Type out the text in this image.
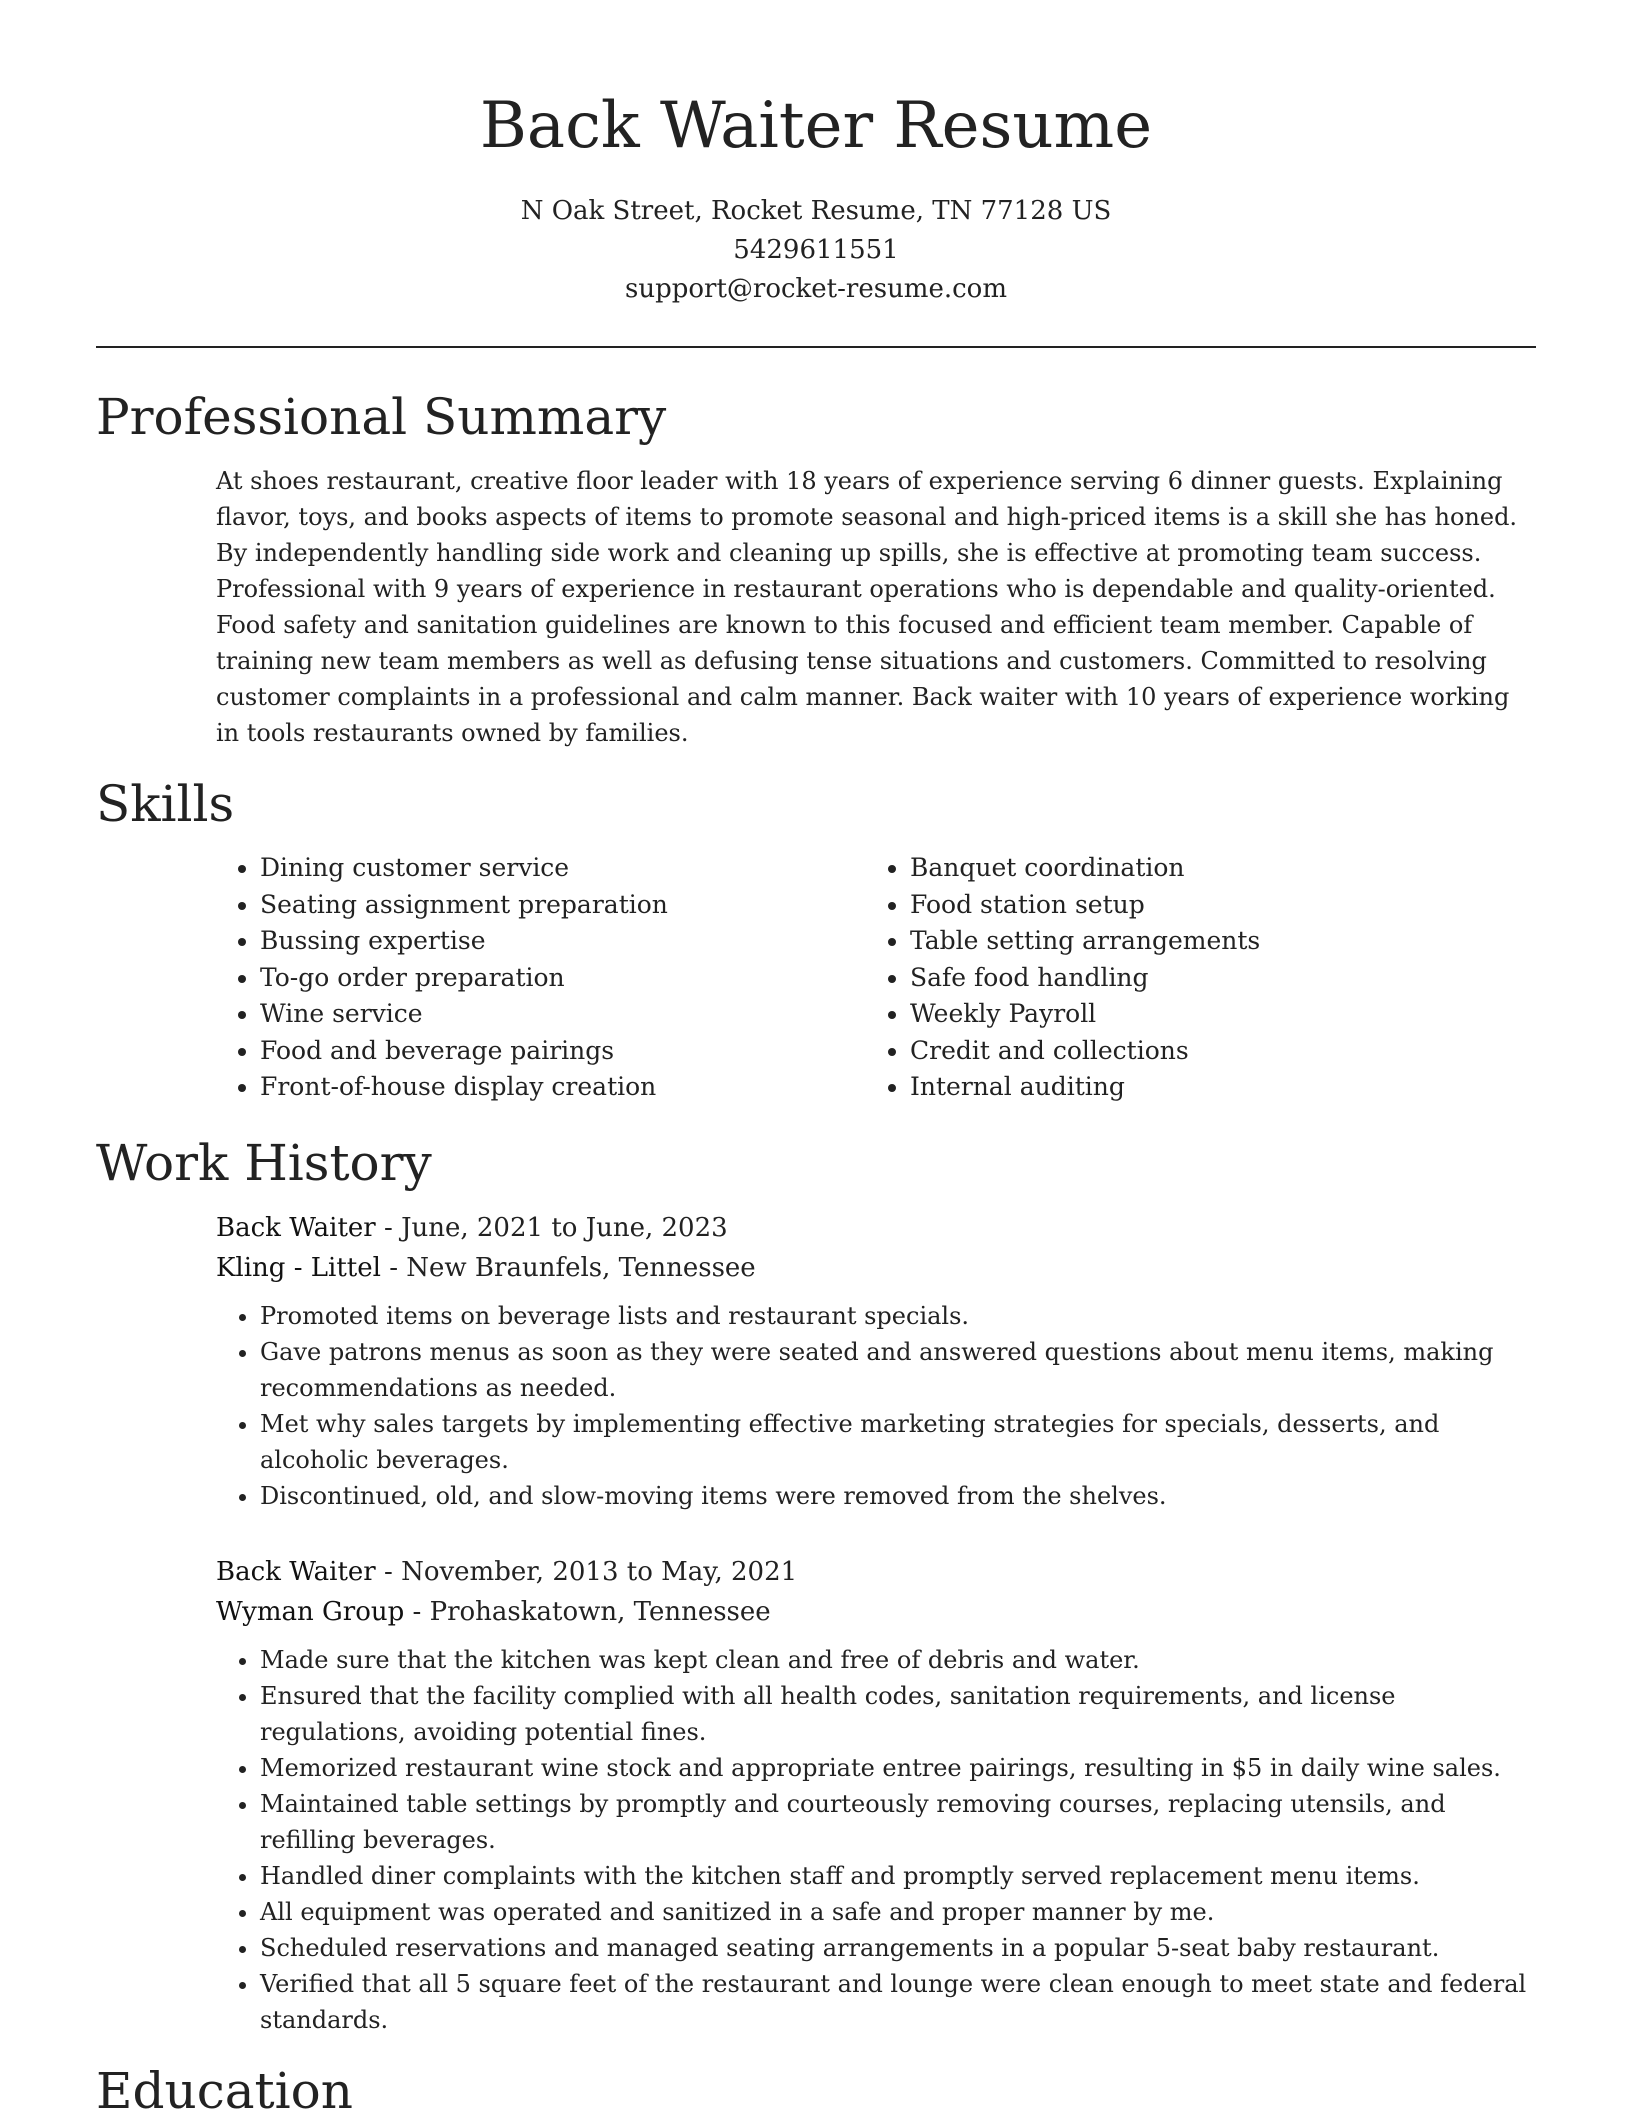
Back Waiter Resume
N Oak Street, Rocket Resume, TN 77128 US
5429611551
support@rocket-resume.com
Professional Summary

At shoes restaurant, creative floor leader with 18 years of experience serving 6 dinner guests. Explaining flavor, toys, and books aspects of items to promote seasonal and high-priced items is a skill she has honed. By independently handling side work and cleaning up spills, she is effective at promoting team success. Professional with 9 years of experience in restaurant operations who is dependable and quality-oriented. Food safety and sanitation guidelines are known to this focused and efficient team member. Capable of training new team members as well as defusing tense situations and customers. Committed to resolving customer complaints in a professional and calm manner. Back waiter with 10 years of experience working in tools restaurants owned by families.

Skills
• Dining customer service
• Seating assignment preparation
• Bussing expertise
• To-go order preparation
• Wine service
• Food and beverage pairings
• Front-of-house display creation
• Banquet coordination
• Food station setup
• Table setting arrangements
• Safe food handling
• Weekly Payroll
• Credit and collections
• Internal auditing
Work History
Back Waiter - June, 2021 to June, 2023
Kling - Littel - New Braunfels, Tennessee
• Promoted items on beverage lists and restaurant specials.
• Gave patrons menus as soon as they were seated and answered questions about menu items, making recommendations as needed.
• Met why sales targets by implementing effective marketing strategies for specials, desserts, and alcoholic beverages.
• Discontinued, old, and slow-moving items were removed from the shelves.
Back Waiter - November, 2013 to May, 2021
Wyman Group - Prohaskatown, Tennessee
• Made sure that the kitchen was kept clean and free of debris and water.
• Ensured that the facility complied with all health codes, sanitation requirements, and license regulations, avoiding potential fines.
• Memorized restaurant wine stock and appropriate entree pairings, resulting in $5 in daily wine sales.
• Maintained table settings by promptly and courteously removing courses, replacing utensils, and refilling beverages.
• Handled diner complaints with the kitchen staff and promptly served replacement menu items.
• All equipment was operated and sanitized in a safe and proper manner by me.
• Scheduled reservations and managed seating arrangements in a popular 5-seat baby restaurant.
• Verified that all 5 square feet of the restaurant and lounge were clean enough to meet state and federal standards.
Education
